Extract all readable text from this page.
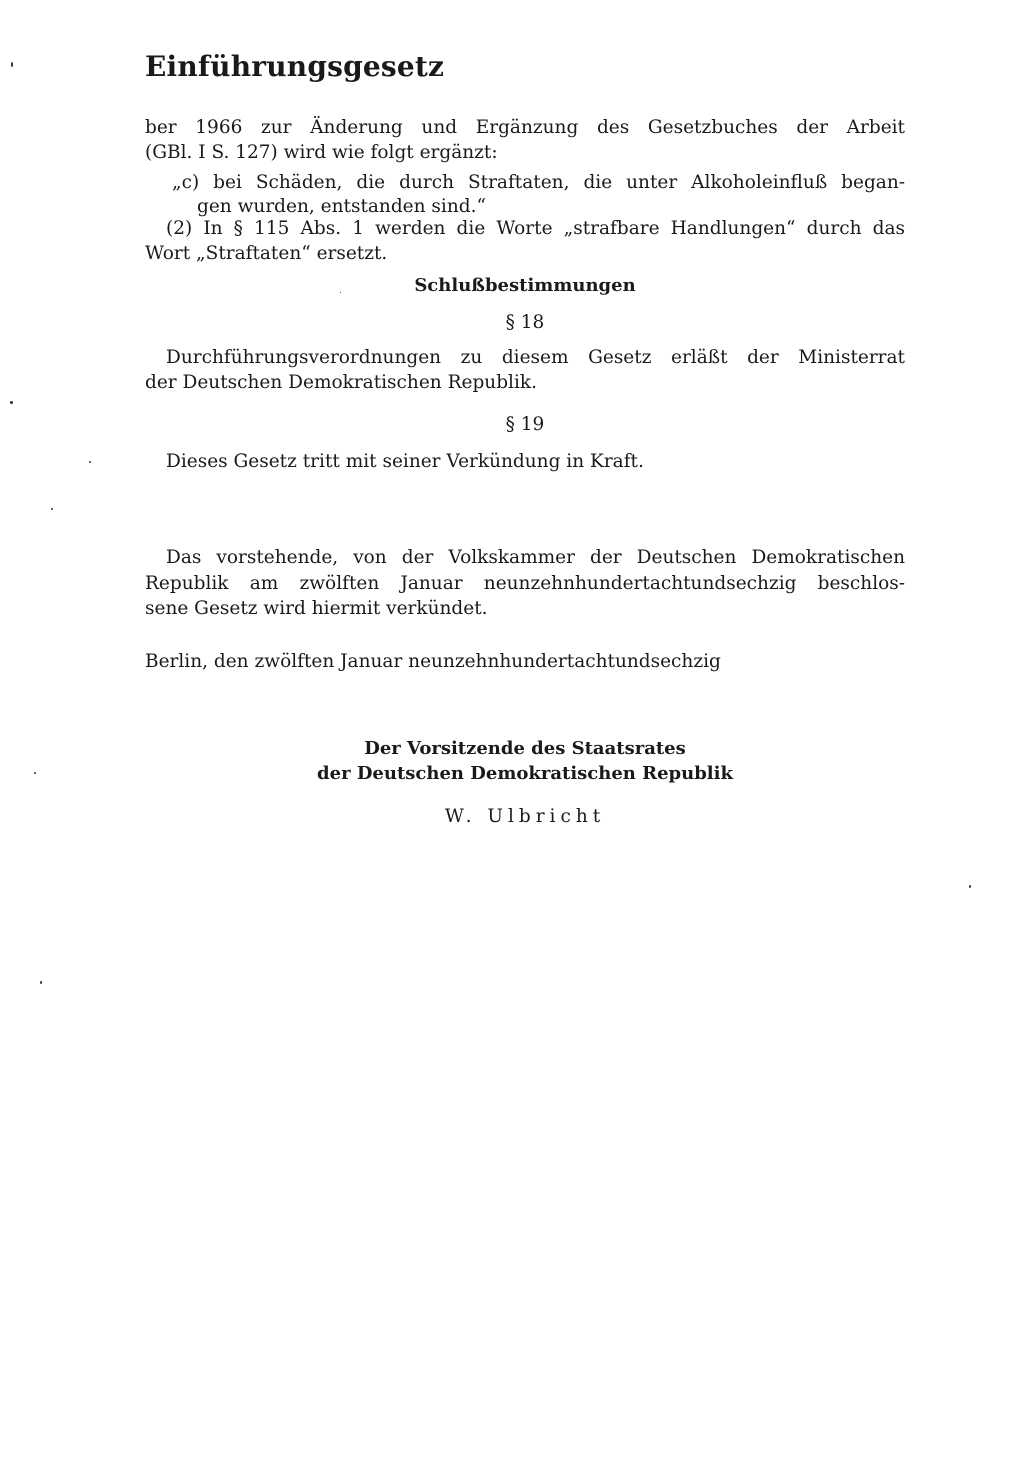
Einführungsgesetz
ber 1966 zur Änderung und Ergänzung des Gesetzbuches der Arbeit
(GBl. I S. 127) wird wie folgt ergänzt:
„c) bei Schäden, die durch Straftaten, die unter Alkoholeinfluß began-
gen wurden, entstanden sind.“
(2) In § 115 Abs. 1 werden die Worte „strafbare Handlungen“ durch das
Wort „Straftaten“ ersetzt.
Schlußbestimmungen
§ 18
Durchführungsverordnungen zu diesem Gesetz erläßt der Ministerrat
der Deutschen Demokratischen Republik.
§ 19
Dieses Gesetz tritt mit seiner Verkündung in Kraft.
Das vorstehende, von der Volkskammer der Deutschen Demokratischen
Republik am zwölften Januar neunzehnhundertachtundsechzig beschlos-
sene Gesetz wird hiermit verkündet.
Berlin, den zwölften Januar neunzehnhundertachtundsechzig
Der Vorsitzende des Staatsrates
der Deutschen Demokratischen Republik
W. Ulbricht
